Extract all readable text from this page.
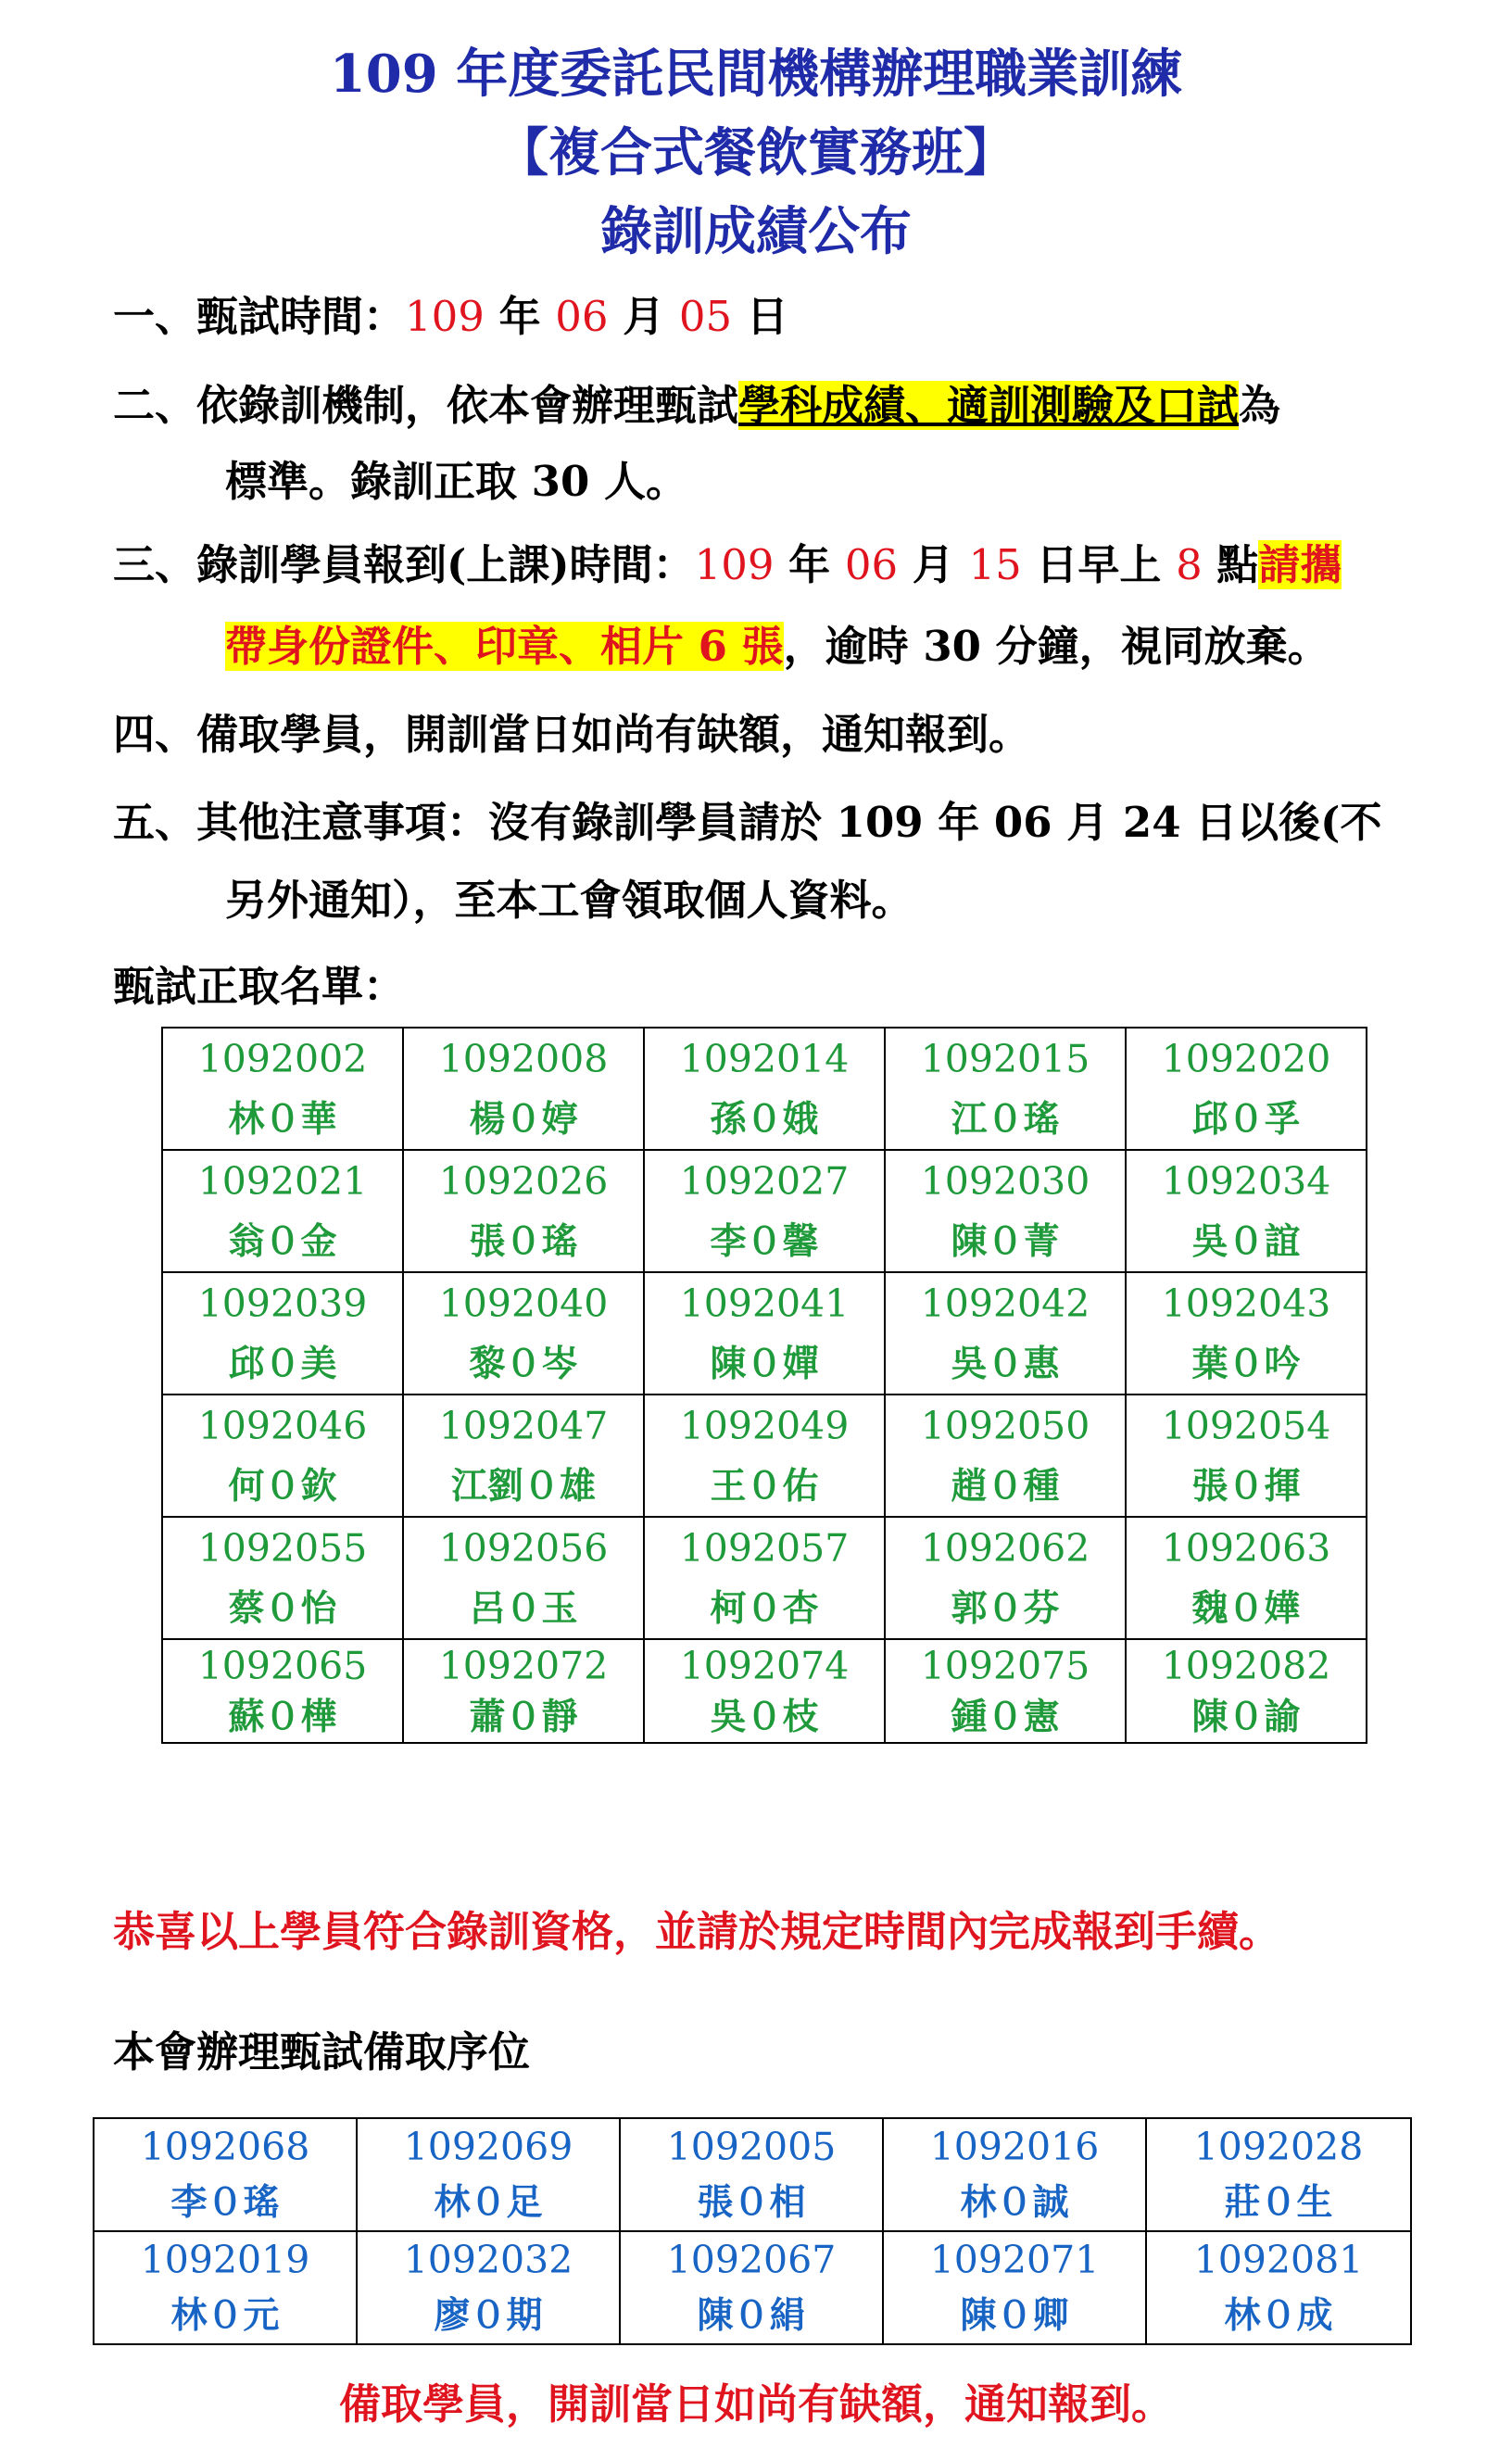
109 年度委託民間機構辦理職業訓練
【複合式餐飲實務班】
錄訓成績公布
一、甄試時間：109 年 06 月 05 日
二、依錄訓機制，依本會辦理甄試學科成績、適訓測驗及口試為
標準。錄訓正取 30 人。
三、錄訓學員報到(上課)時間：109 年 06 月 15 日早上 8 點請攜
帶身份證件、印章、相片 6 張，逾時 30 分鐘，視同放棄。
四、備取學員，開訓當日如尚有缺額，通知報到。
五、其他注意事項：沒有錄訓學員請於 109 年 06 月 24 日以後(不
另外通知），至本工會領取個人資料。
甄試正取名單：
1092002
林０華	1092008
楊０婷	1092014
孫０娥	1092015
江０瑤	1092020
邱０孚

1092021
翁０金	1092026
張０瑤	1092027
李０馨	1092030
陳０菁	1092034
吳０誼

1092039
邱０美	1092040
黎０岑	1092041
陳０嬋	1092042
吳０惠	1092043
葉０吟

1092046
何０欽	1092047
江劉０雄	1092049
王０佑	1092050
趙０種	1092054
張０揮

1092055
蔡０怡	1092056
呂０玉	1092057
柯０杏	1092062
郭０芬	1092063
魏０嬅

1092065
蘇０樺	1092072
蕭０靜	1092074
吳０枝	1092075
鍾０憲	1092082
陳０諭
恭喜以上學員符合錄訓資格，並請於規定時間內完成報到手續。
本會辦理甄試備取序位
1092068
李０瑤	1092069
林０足	1092005
張０相	1092016
林０誠	1092028
莊０生

1092019
林０元	1092032
廖０期	1092067
陳０絹	1092071
陳０卿	1092081
林０成
備取學員，開訓當日如尚有缺額，通知報到。
